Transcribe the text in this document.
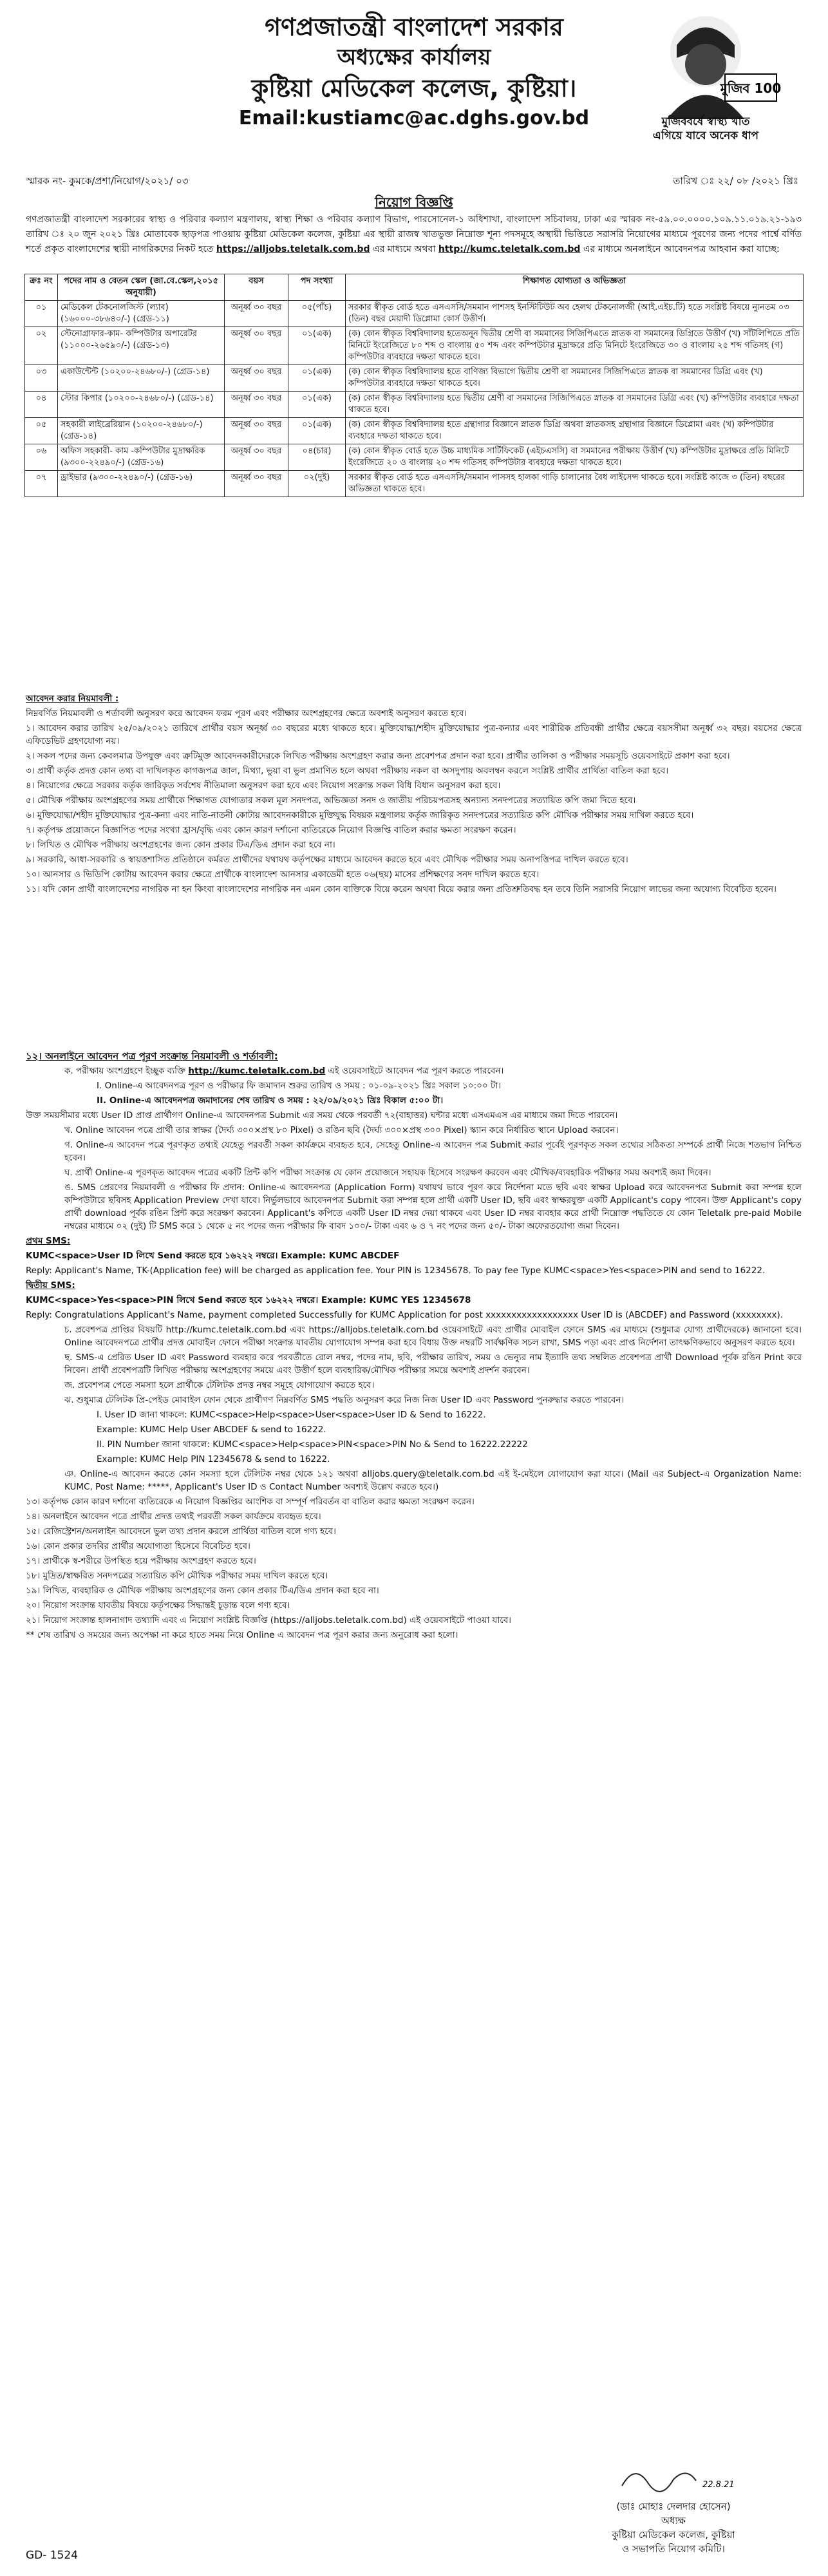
গণপ্রজাতন্ত্রী বাংলাদেশ সরকার
অধ্যক্ষের কার্যালয়
কুষ্টিয়া মেডিকেল কলেজ, কুষ্টিয়া।
Email:kustiamc@ac.dghs.gov.bd
মুজিব 100
মুজিববর্ষে স্বাস্থ্য খাত
এগিয়ে যাবে অনেক ধাপ
স্মারক নং- কুমকে/প্রশা/নিয়োগ/২০২১/ ০৩	তারিখ ঃ ২২/ ০৮ /২০২১ খ্রিঃ
নিয়োগ বিজ্ঞপ্তি
গণপ্রজাতন্ত্রী বাংলাদেশ সরকারের স্বাস্থ্য ও পরিবার কল্যাণ মন্ত্রণালয়, স্বাস্থ্য শিক্ষা ও পরিবার কল্যাণ বিভাগ, পারসোনেল-১ অধিশাখা, বাংলাদেশ সচিবালয়, ঢাকা এর স্মারক নং-৫৯.০০.০০০০.১০৯.১১.০১৯.২১-১৯৩ তারিখ ঃ ২০ জুন ২০২১ খ্রিঃ মোতাবেক ছাড়পত্র পাওয়ায় কুষ্টিয়া মেডিকেল কলেজ, কুষ্টিয়া এর স্থায়ী রাজস্ব খাতভুক্ত নিম্নোক্ত শূন্য পদসমূহে অস্থায়ী ভিত্তিতে সরাসরি নিয়োগের মাধ্যমে পূরণের জন্য পদের পার্শ্বে বর্ণিত শর্তে প্রকৃত বাংলাদেশের স্থায়ী নাগরিকদের নিকট হতে https://alljobs.teletalk.com.bd এর মাধ্যমে অথবা http://kumc.teletalk.com.bd এর মাধ্যমে অনলাইনে আবেদনপত্র আহবান করা যাচ্ছে:
ক্রঃ নং	পদের নাম ও বেতন স্কেল (জা.বে.স্কেল,২০১৫ অনুযায়ী)	বয়স	পদ সংখ্যা	শিক্ষাগত যোগ্যতা ও অভিজ্ঞতা
০১	মেডিকেল টেকনোলজিস্ট (ল্যাব) (১৬০০০-৩৮৬৪০/-) (গ্রেড-১১)	অনূর্ধ্ব ৩০ বছর	০৫(পাঁচ)	সরকার স্বীকৃত বোর্ড হতে এসএসসি/সমমান পাশসহ ইনস্টিটিউট অব হেলথ টেকনোলজী (আই.এইচ.টি) হতে সংশ্লিষ্ট বিষয়ে ন্যুনতম ০৩ (তিন) বছর মেয়াদী ডিপ্লোমা কোর্স উত্তীর্ণ।
০২	স্টেনোগ্রাফার-কাম- কম্পিউটার অপারেটর (১১০০০-২৬৫৯০/-) (গ্রেড-১৩)	অনূর্ধ্ব ৩০ বছর	০১(এক)	(ক) কোন স্বীকৃত বিশ্ববিদ্যালয় হতেঅনূ্ন দ্বিতীয় শ্রেণী বা সমমানের সিজিপিএতে স্নাতক বা সমমানের ডিগ্রিতে উত্তীর্ণ (খ) সাঁটলিপিতে প্রতি মিনিটে ইংরেজিতে ৮০ শব্দ ও বাংলায় ৫০ শব্দ এবং কম্পিউটার মুদ্রাক্ষরে প্রতি মিনিটে ইংরেজিতে ৩০ ও বাংলায় ২৫ শব্দ গতিসহ (গ) কম্পিউটার ব্যবহারে দক্ষতা থাকতে হবে।
০৩	একাউন্টেন্ট (১০২০০-২৪৬৮০/-) (গ্রেড-১৪)	অনূর্ধ্ব ৩০ বছর	০১(এক)	(ক) কোন স্বীকৃত বিশ্ববিদ্যালয় হতে বাণিজ্য বিভাগে দ্বিতীয় শ্রেণী বা সমমানের সিজিপিএতে স্নাতক বা সমমানের ডিগ্রি এবং (খ) কম্পিউটার ব্যবহারে দক্ষতা থাকতে হবে।
০৪	স্টোর কিপার (১০২০০-২৪৬৮০/-) (গ্রেড-১৪)	অনূর্ধ্ব ৩০ বছর	০১(এক)	(ক) কোন স্বীকৃত বিশ্ববিদ্যালয় হতে দ্বিতীয় শ্রেণী বা সমমানের সিজিপিএতে স্নাতক বা সমমানের ডিগ্রি এবং (খ) কম্পিউটার ব্যবহারে দক্ষতা থাকতে হবে।
০৫	সহকারী লাইব্রেরিয়ান (১০২০০-২৪৬৮০/-) (গ্রেড-১৪)	অনূর্ধ্ব ৩০ বছর	০১(এক)	(ক) কোন স্বীকৃত বিশ্ববিদ্যালয় হতে গ্রন্থাগার বিজ্ঞানে স্নাতক ডিগ্রি অথবা স্নাতকসহ গ্রন্থাগার বিজ্ঞানে ডিপ্লোমা এবং (খ) কম্পিউটার ব্যবহারে দক্ষতা থাকতে হবে।
০৬	অফিস সহকারী- কাম -কম্পিউটার মুদ্রাক্ষরিক (৯৩০০-২২৪৯০/-) (গ্রেড-১৬)	অনূর্ধ্ব ৩০ বছর	০৪(চার)	(ক) কোন স্বীকৃত বোর্ড হতে উচ্চ মাধ্যমিক সার্টিফিকেট (এইচএসসি) বা সমমানের পরীক্ষায় উত্তীর্ণ (খ) কম্পিউটার মুদ্রাক্ষরে প্রতি মিনিটে ইংরেজিতে ২০ ও বাংলায় ২০ শব্দ গতিসহ কম্পিউটার ব্যবহারে দক্ষতা থাকতে হবে।
০৭	ড্রাইভার (৯৩০০-২২৪৯০/-) (গ্রেড-১৬)	অনূর্ধ্ব ৩০ বছর	০২(দুই)	সরকার স্বীকৃত বোর্ড হতে এসএসসি/সমমান পাসসহ হালকা গাড়ি চালানোর বৈধ লাইসেন্স থাকতে হবে। সংশ্লিষ্ট কাজে ৩ (তিন) বছরের অভিজ্ঞতা থাকতে হবে।

আবেদন করার নিয়মাবলী :

নিম্নবর্ণিত নিয়মাবলী ও শর্তাবলী অনুসরণ করে আবেদন ফরম পূরণ এবং পরীক্ষার অংশগ্রহণের ক্ষেত্রে অবশ্যই অনুসরণ করতে হবে।

১। আবেদন করার তারিখ ২৫/০৯/২০২১ তারিখে প্রার্থীর বয়স অনূর্ধ্ব ৩০ বছরের মধ্যে থাকতে হবে। মুক্তিযোদ্ধা/শহীদ মুক্তিযোদ্ধার পুত্র-কন্যার এবং শারীরিক প্রতিবন্ধী প্রার্থীর ক্ষেত্রে বয়সসীমা অনূর্ধ্ব ৩২ বছর। বয়সের ক্ষেত্রে এফিডেভিট গ্রহণযোগ্য নয়।

২। সকল পদের জন্য কেবলমাত্র উপযুক্ত এবং ত্রুটিমুক্ত আবেদনকারীদেরকে লিখিত পরীক্ষায় অংশগ্রহণ করার জন্য প্রবেশপত্র প্রদান করা হবে। প্রার্থীর তালিকা ও পরীক্ষার সময়সূচি ওয়েবসাইটে প্রকাশ করা হবে।

৩। প্রার্থী কর্তৃক প্রদত্ত কোন তথ্য বা দাখিলকৃত কাগজপত্র জাল, মিথ্যা, ভুয়া বা ভুল প্রমাণিত হলে অথবা পরীক্ষায় নকল বা অসদুপায় অবলম্বন করলে সংশ্লিষ্ট প্রার্থীর প্রার্থিতা বাতিল করা হবে।

৪। নিয়োগের ক্ষেত্রে সরকার কর্তৃক জারিকৃত সর্বশেষ নীতিমালা অনুসরণ করা হবে এবং নিয়োগ সংক্রান্ত সকল বিধি বিধান অনুসরণ করা হবে।

৫। মৌখিক পরীক্ষায় অংশগ্রহণের সময় প্রার্থীকে শিক্ষাগত যোগ্যতার সকল মূল সনদপত্র, অভিজ্ঞতা সনদ ও জাতীয় পরিচয়পত্রসহ অন্যান্য সনদপত্রের সত্যায়িত কপি জমা দিতে হবে।

৬। মুক্তিযোদ্ধা/শহীদ মুক্তিযোদ্ধার পুত্র-কন্যা এবং নাতি-নাতনী কোটায় আবেদনকারীকে মুক্তিযুদ্ধ বিষয়ক মন্ত্রণালয় কর্তৃক জারিকৃত সনদপত্রের সত্যায়িত কপি মৌখিক পরীক্ষার সময় দাখিল করতে হবে।

৭। কর্তৃপক্ষ প্রয়োজনে বিজ্ঞাপিত পদের সংখ্যা হ্রাস/বৃদ্ধি এবং কোন কারণ দর্শানো ব্যতিরেকে নিয়োগ বিজ্ঞপ্তি বাতিল করার ক্ষমতা সংরক্ষণ করেন।

৮। লিখিত ও মৌখিক পরীক্ষায় অংশগ্রহণের জন্য কোন প্রকার টিএ/ডিএ প্রদান করা হবে না।

৯। সরকারি, আধা-সরকারি ও স্বায়ত্তশাসিত প্রতিষ্ঠানে কর্মরত প্রার্থীদের যথাযথ কর্তৃপক্ষের মাধ্যমে আবেদন করতে হবে এবং মৌখিক পরীক্ষার সময় অনাপত্তিপত্র দাখিল করতে হবে।

১০। আনসার ও ভিডিপি কোটায় আবেদন করার ক্ষেত্রে প্রার্থীকে বাংলাদেশ আনসার একাডেমী হতে ০৬(ছয়) মাসের প্রশিক্ষণের সনদ দাখিল করতে হবে।

১১। যদি কোন প্রার্থী বাংলাদেশের নাগরিক না হন কিংবা বাংলাদেশের নাগরিক নন এমন কোন ব্যক্তিকে বিয়ে করেন অথবা বিয়ে করার জন্য প্রতিশ্রুতিবদ্ধ হন তবে তিনি সরাসরি নিয়োগ লাভের জন্য অযোগ্য বিবেচিত হবেন।

১২। অনলাইনে আবেদন পত্র পূরণ সংক্রান্ত নিয়মাবলী ও শর্তাবলী:

ক. পরীক্ষায় অংশগ্রহণে ইচ্ছুক ব্যক্তি http://kumc.teletalk.com.bd এই ওয়েবসাইটে আবেদন পত্র পূরণ করতে পারবেন।

I. Online-এ আবেদনপত্র পূরণ ও পরীক্ষার ফি জমাদান শুরুর তারিখ ও সময় : ০১-০৯-২০২১ খ্রিঃ সকাল ১০:০০ টা।

II. Online-এ আবেদনপত্র জমাদানের শেষ তারিখ ও সময় : ২২/০৯/২০২১ খ্রিঃ বিকাল ৫:০০ টা।

উক্ত সময়সীমার মধ্যে User ID প্রাপ্ত প্রার্থীগণ Online-এ আবেদনপত্র Submit এর সময় থেকে পরবর্তী ৭২(বাহাত্তর) ঘন্টার মধ্যে এসএমএস এর মাধ্যমে জমা দিতে পারবেন।

খ. Online আবেদন পত্রে প্রার্থী তার স্বাক্ষর (দৈর্ঘ্য ৩০০×প্রস্থ ৮০ Pixel) ও রঙিন ছবি (দৈর্ঘ্য ৩০০×প্রস্থ ৩০০ Pixel) স্ক্যান করে নির্ধারিত স্থানে Upload করবেন।

গ. Online-এ আবেদন পত্রে পূরণকৃত তথ্যই যেহেতু পরবর্তী সকল কার্যক্রমে ব্যবহৃত হবে, সেহেতু Online-এ আবেদন পত্র Submit করার পূর্বেই পূরণকৃত সকল তথ্যের সঠিকতা সম্পর্কে প্রার্থী নিজে শতভাগ নিশ্চিত হবেন।

ঘ. প্রার্থী Online-এ পূরণকৃত আবেদন পত্রের একটি প্রিন্ট কপি পরীক্ষা সংক্রান্ত যে কোন প্রয়োজনে সহায়ক হিসেবে সংরক্ষণ করবেন এবং মৌখিক/ব্যবহারিক পরীক্ষার সময় অবশ্যই জমা দিবেন।

ঙ. SMS প্রেরণের নিয়মাবলী ও পরীক্ষার ফি প্রদান: Online-এ আবেদনপত্র (Application Form) যথাযথ ভাবে পূরণ করে নির্দেশনা মতে ছবি এবং স্বাক্ষর Upload করে আবেদনপত্র Submit করা সম্পন্ন হলে কম্পিউটারে ছবিসহ Application Preview দেখা যাবে। নির্ভুলভাবে আবেদনপত্র Submit করা সম্পন্ন হলে প্রার্থী একটি User ID, ছবি এবং স্বাক্ষরযুক্ত একটি Applicant's copy পাবেন। উক্ত Applicant's copy প্রার্থী download পূর্বক রঙিন প্রিন্ট করে সংরক্ষণ করবেন। Applicant's কপিতে একটি User ID নম্বর দেয়া থাকবে এবং User ID নম্বর ব্যবহার করে প্রার্থী নিম্নোক্ত পদ্ধতিতে যে কোন Teletalk pre-paid Mobile নম্বরের মাধ্যমে ০২ (দুই) টি SMS করে ১ থেকে ৫ নং পদের জন্য পরীক্ষার ফি বাবদ ১০০/- টাকা এবং ৬ ও ৭ নং পদের জন্য ৫০/- টাকা অফেরতযোগ্য জমা দিবেন।

প্রথম SMS:

KUMC<space>User ID লিখে Send করতে হবে ১৬২২২ নম্বরে। Example: KUMC ABCDEF

Reply: Applicant's Name, TK-(Application fee) will be charged as application fee. Your PIN is 12345678. To pay fee Type KUMC<space>Yes<space>PIN and send to 16222.

দ্বিতীয় SMS:

KUMC<space>Yes<space>PIN লিখে Send করতে হবে ১৬২২২ নম্বরে। Example: KUMC YES 12345678

Reply: Congratulations Applicant's Name, payment completed Successfully for KUMC Application for post xxxxxxxxxxxxxxxxxx User ID is (ABCDEF) and Password (xxxxxxxx).

চ. প্রবেশপত্র প্রাপ্তির বিষয়টি http://kumc.teletalk.com.bd এবং https://alljobs.teletalk.com.bd ওয়েবসাইটে এবং প্রার্থীর মোবাইল ফোনে SMS এর মাধ্যমে (শুধুমাত্র যোগ্য প্রার্থীদেরকে) জানানো হবে। Online আবেদনপত্রে প্রার্থীর প্রদত্ত মোবাইল ফোনে পরীক্ষা সংক্রান্ত যাবতীয় যোগাযোগ সম্পন্ন করা হবে বিধায় উক্ত নম্বরটি সার্বক্ষণিক সচল রাখা, SMS পড়া এবং প্রাপ্ত নির্দেশনা তাৎক্ষণিকভাবে অনুসরণ করতে হবে।

ছ. SMS-এ প্রেরিত User ID এবং Password ব্যবহার করে পরবর্তীতে রোল নম্বর, পদের নাম, ছবি, পরীক্ষার তারিখ, সময় ও ভেন্যুর নাম ইত্যাদি তথ্য সম্বলিত প্রবেশপত্র প্রার্থী Download পূর্বক রঙিন Print করে নিবেন। প্রার্থী প্রবেশপত্রটি লিখিত পরীক্ষায় অংশগ্রহণের সময়ে এবং উত্তীর্ণ হলে ব্যবহারিক/মৌখিক পরীক্ষার সময়ে অবশ্যই প্রদর্শন করবেন।

জ. প্রবেশপত্র পেতে সমস্যা হলে প্রার্থীকে টেলিটক প্রদত্ত নম্বর সমূহে যোগাযোগ করতে হবে।

ঝ. শুধুমাত্র টেলিটক প্রি-পেইড মোবাইল ফোন থেকে প্রার্থীগণ নিম্নবর্ণিত SMS পদ্ধতি অনুসরণ করে নিজ নিজ User ID এবং Password পুনরুদ্ধার করতে পারবেন।

I. User ID জানা থাকলে: KUMC<space>Help<space>User<space>User ID & Send to 16222.

Example: KUMC Help User ABCDEF & send to 16222.

II. PIN Number জানা থাকলে: KUMC<space>Help<space>PIN<space>PIN No & Send to 16222.22222

Example: KUMC Help PIN 12345678 & send to 16222.

ঞ. Online-এ আবেদন করতে কোন সমস্যা হলে টেলিটক নম্বর থেকে ১২১ অথবা alljobs.query@teletalk.com.bd এই ই-মেইলে যোগাযোগ করা যাবে। (Mail এর Subject-এ Organization Name: KUMC, Post Name: *****, Applicant's User ID ও Contact Number অবশ্যই উল্লেখ করতে হবে।)

১৩। কর্তৃপক্ষ কোন কারণ দর্শানো ব্যতিরেকে এ নিয়োগ বিজ্ঞপ্তির আংশিক বা সম্পূর্ণ পরিবর্তন বা বাতিল করার ক্ষমতা সংরক্ষণ করেন।

১৪। অনলাইনে আবেদন পত্রে প্রার্থীর প্রদত্ত তথ্যই পরবর্তী সকল কার্যক্রমে ব্যবহৃত হবে।

১৫। রেজিস্ট্রেশন/অনলাইন আবেদনে ভুল তথ্য প্রদান করলে প্রার্থিতা বাতিল বলে গণ্য হবে।

১৬। কোন প্রকার তদবির প্রার্থীর অযোগ্যতা হিসেবে বিবেচিত হবে।

১৭। প্রার্থীকে স্ব-শরীরে উপস্থিত হয়ে পরীক্ষায় অংশগ্রহণ করতে হবে।

১৮। মুদ্রিত/স্বাক্ষরিত সনদপত্রের সত্যায়িত কপি মৌখিক পরীক্ষার সময় দাখিল করতে হবে।

১৯। লিখিত, ব্যবহারিক ও মৌখিক পরীক্ষায় অংশগ্রহণের জন্য কোন প্রকার টিএ/ডিএ প্রদান করা হবে না।

২০। নিয়োগ সংক্রান্ত যাবতীয় বিষয়ে কর্তৃপক্ষের সিদ্ধান্তই চূড়ান্ত বলে গণ্য হবে।

২১। নিয়োগ সংক্রান্ত হালনাগাদ তথ্যাদি এবং এ নিয়োগ সংশ্লিষ্ট বিজ্ঞপ্তি (https://alljobs.teletalk.com.bd) এই ওয়েবসাইটে পাওয়া যাবে।

** শেষ তারিখ ও সময়ের জন্য অপেক্ষা না করে হাতে সময় নিয়ে Online এ আবেদন পত্র পূরণ করার জন্য অনুরোধ করা হলো।

22.8.21
(ডাঃ মোহাঃ দেলদার হোসেন)
অধ্যক্ষ
কুষ্টিয়া মেডিকেল কলেজ, কুষ্টিয়া
ও সভাপতি নিয়োগ কমিটি।
GD- 1524
